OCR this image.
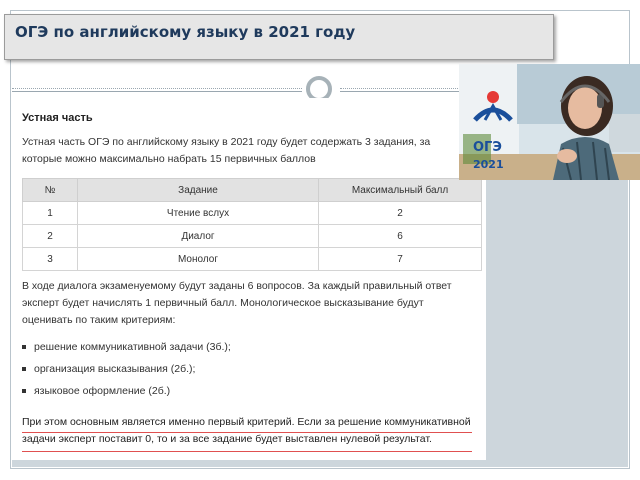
ОГЭ по английскому языку в 2021 году
Устная часть
Устная часть ОГЭ по английскому языку в 2021 году будет содержать 3 задания, за которые можно максимально набрать 15 первичных баллов
№	Задание	Максимальный балл
1	Чтение вслух	2
2	Диалог	6
3	Монолог	7
В ходе диалога экзаменуемому будут заданы 6 вопросов. За каждый правильный ответ эксперт будет начислять 1 первичный балл. Монологическое высказывание будут оценивать по таким критериям:
решение коммуникативной задачи (3б.);
организация высказывания (2б.);
языковое оформление (2б.)
При этом основным является именно первый критерий. Если за решение коммуникативной задачи эксперт поставит 0, то и за все задание будет выставлен нулевой результат.
ОГЭ
2021
